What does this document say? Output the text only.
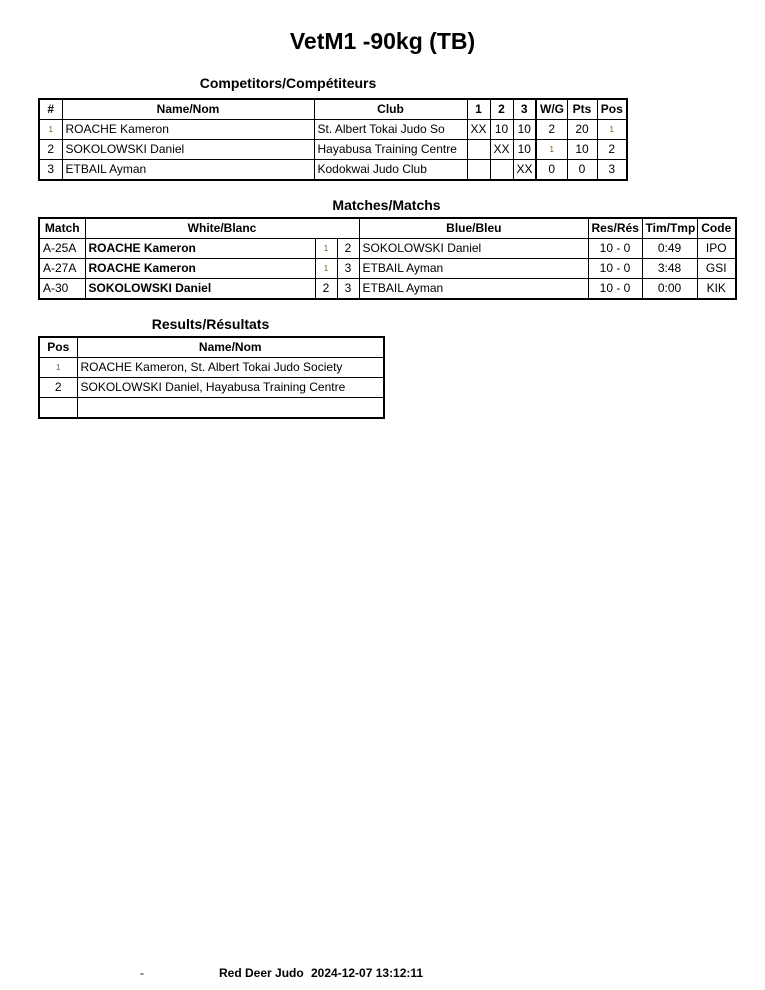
VetM1 -90kg (TB)
Competitors/Compétiteurs
#	Name/Nom	Club	1	2	3	W/G	Pts	Pos
1	ROACHE Kameron	St. Albert Tokai Judo So	XX	10	10	2	20	1
2	SOKOLOWSKI Daniel	Hayabusa Training Centre		XX	10	1	10	2
3	ETBAIL Ayman	Kodokwai Judo Club			XX	0	0	3
Matches/Matchs
Match	White/Blanc			Blue/Bleu	Res/Rés	Tim/Tmp	Code
A-25A	ROACHE Kameron	1	2	SOKOLOWSKI Daniel	10 - 0	0:49	IPO
A-27A	ROACHE Kameron	1	3	ETBAIL Ayman	10 - 0	3:48	GSI
A-30	SOKOLOWSKI Daniel	2	3	ETBAIL Ayman	10 - 0	0:00	KIK
Results/Résultats
Pos	Name/Nom
1	ROACHE Kameron, St. Albert Tokai Judo Society
2	SOKOLOWSKI Daniel, Hayabusa Training Centre

-	Red Deer Judo 2024-12-07 13:12:11
